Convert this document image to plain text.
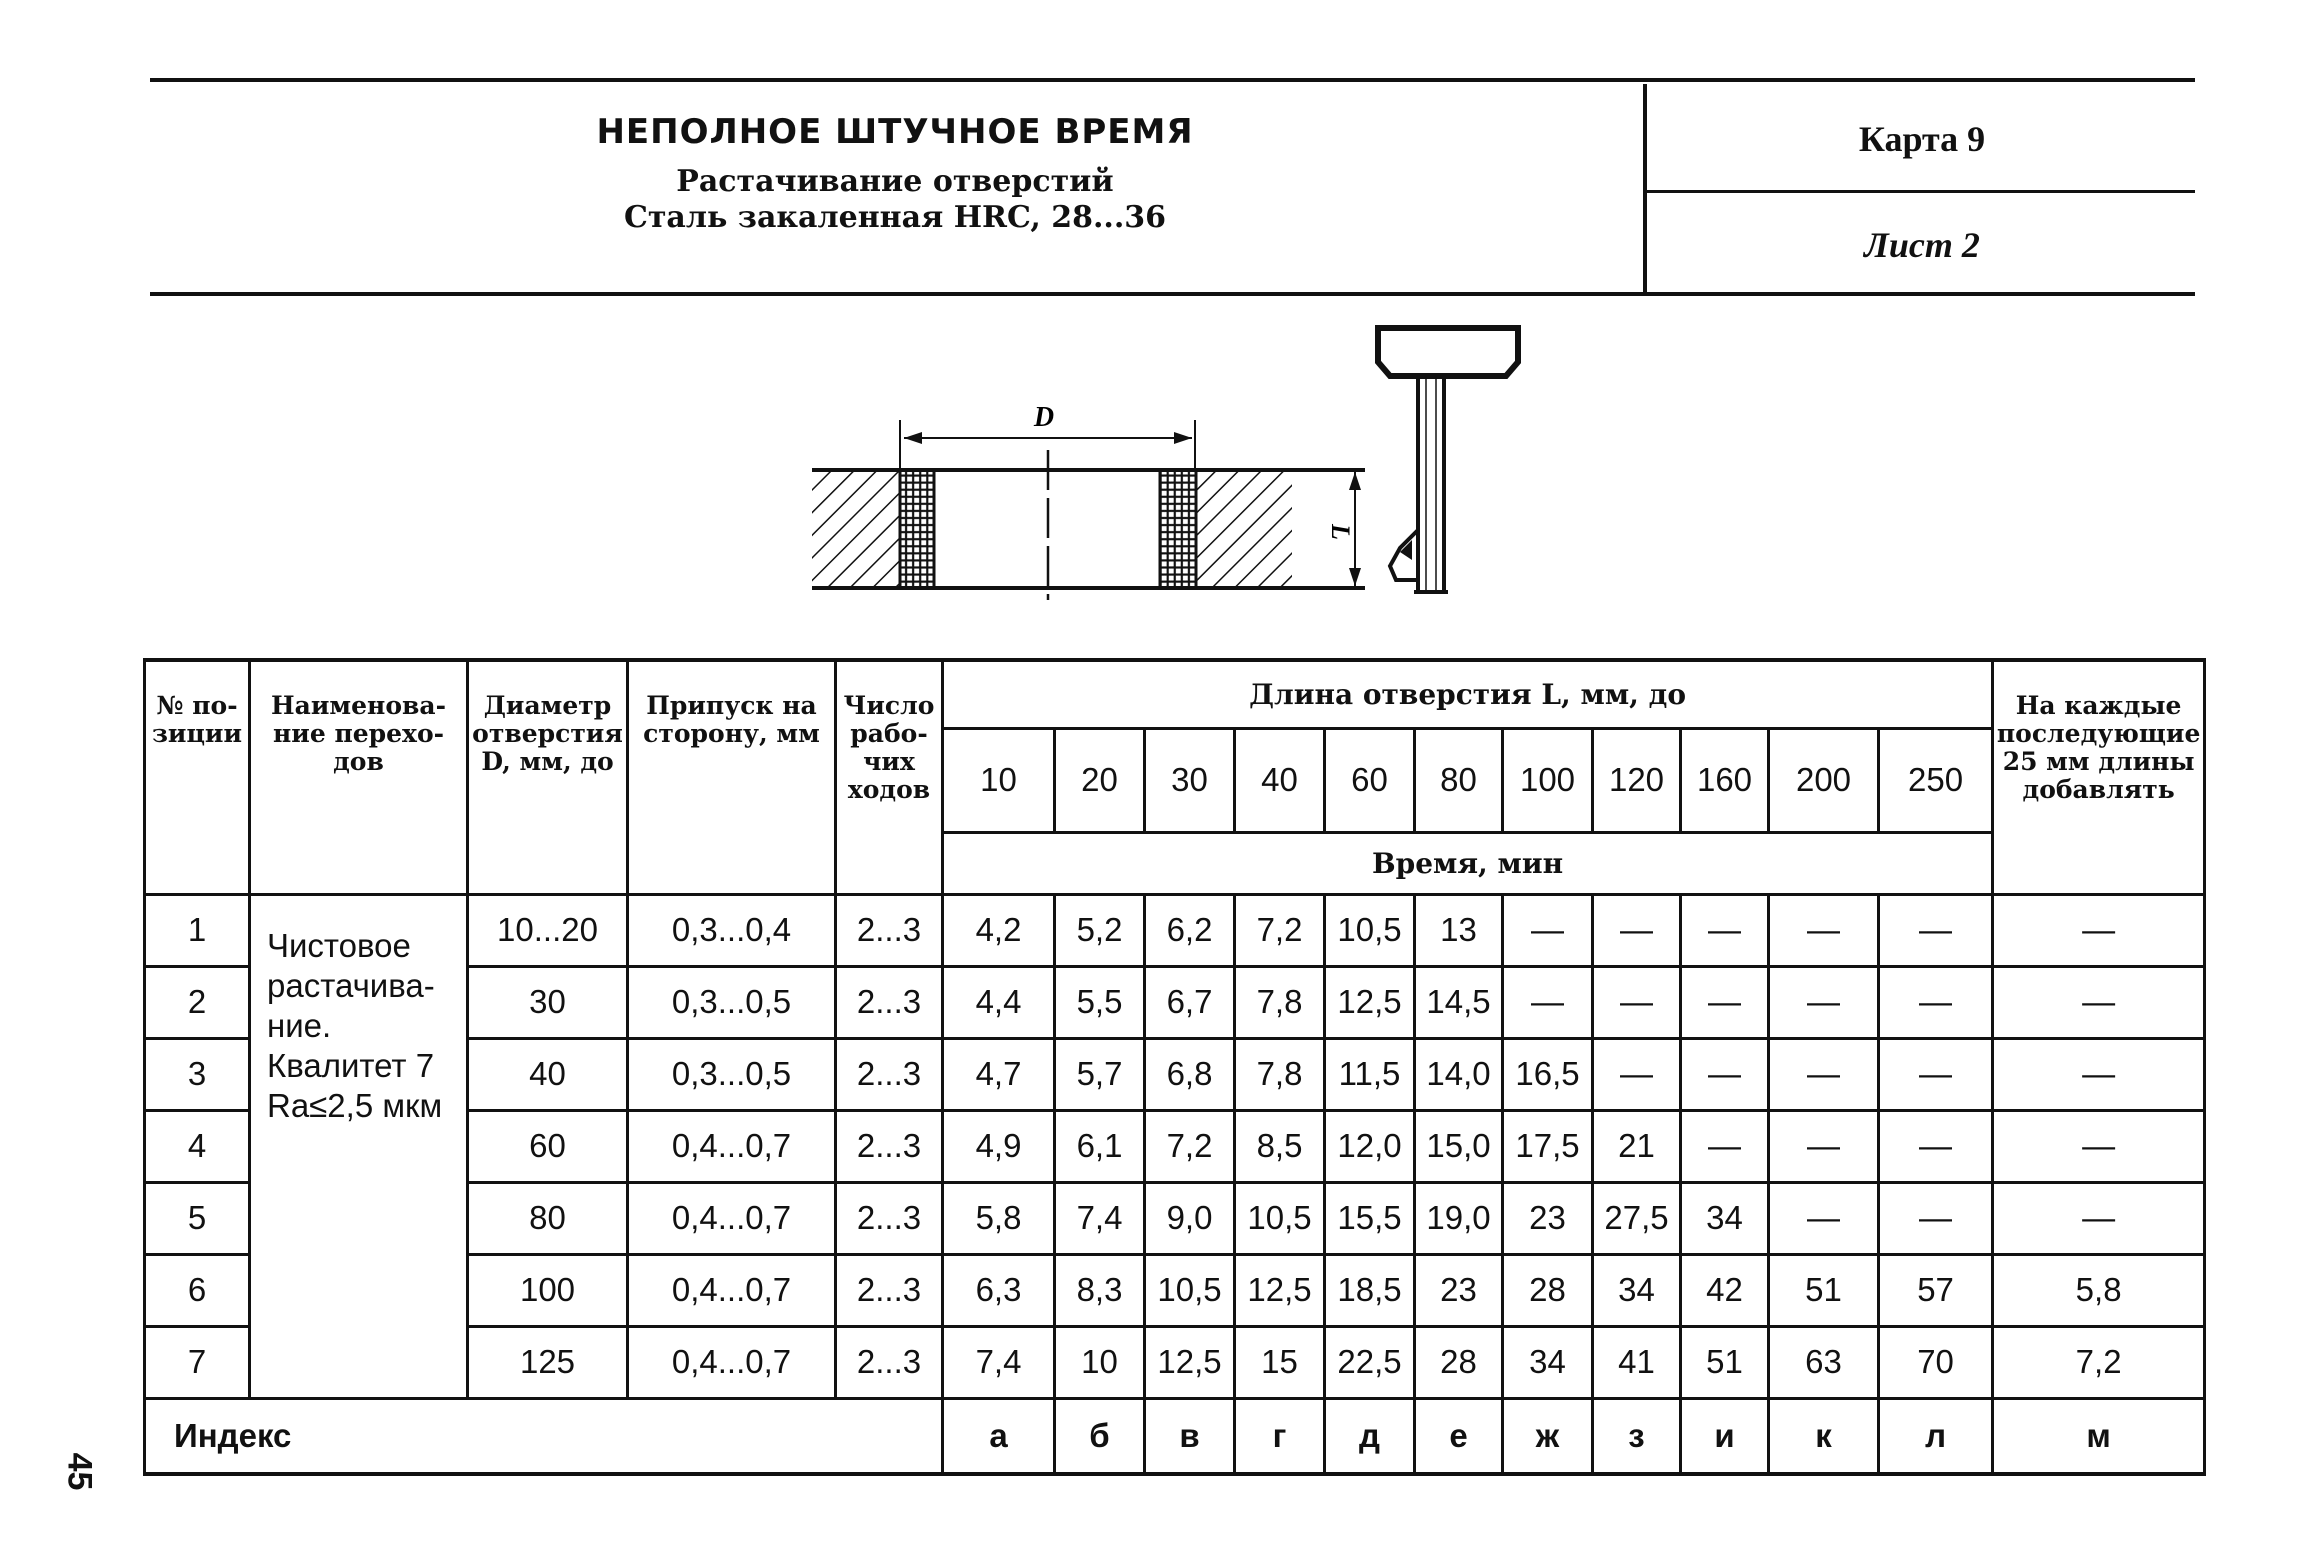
НЕПОЛНОЕ ШТУЧНОЕ ВРЕМЯ
Растачивание отверстий
Сталь закаленная HRC, 28...36
Карта 9
Лист 2
D
L
№ по-зиции	Наименова-ние перехо-дов	Диаметр отверстия D, мм, до	Припуск на сторону, мм	Число рабо-чих ходов	Длина отверстия L, мм, до											На каждые последующие 25 мм длины добавлять
					10	20	30	40	60	80	100	120	160	200	250	
					Время, мин											
1	Чистовое
растачива-
ние.
Квалитет 7
Ra≤2,5 мкм	10...20	0,3...0,4	2...3	4,2	5,2	6,2	7,2	10,5	13	—	—	—	—	—	—
2		30	0,3...0,5	2...3	4,4	5,5	6,7	7,8	12,5	14,5	—	—	—	—	—	—
3		40	0,3...0,5	2...3	4,7	5,7	6,8	7,8	11,5	14,0	16,5	—	—	—	—	—
4		60	0,4...0,7	2...3	4,9	6,1	7,2	8,5	12,0	15,0	17,5	21	—	—	—	—
5		80	0,4...0,7	2...3	5,8	7,4	9,0	10,5	15,5	19,0	23	27,5	34	—	—	—
6		100	0,4...0,7	2...3	6,3	8,3	10,5	12,5	18,5	23	28	34	42	51	57	5,8
7		125	0,4...0,7	2...3	7,4	10	12,5	15	22,5	28	34	41	51	63	70	7,2
Индекс					а	б	в	г	д	е	ж	з	и	к	л	м
45
